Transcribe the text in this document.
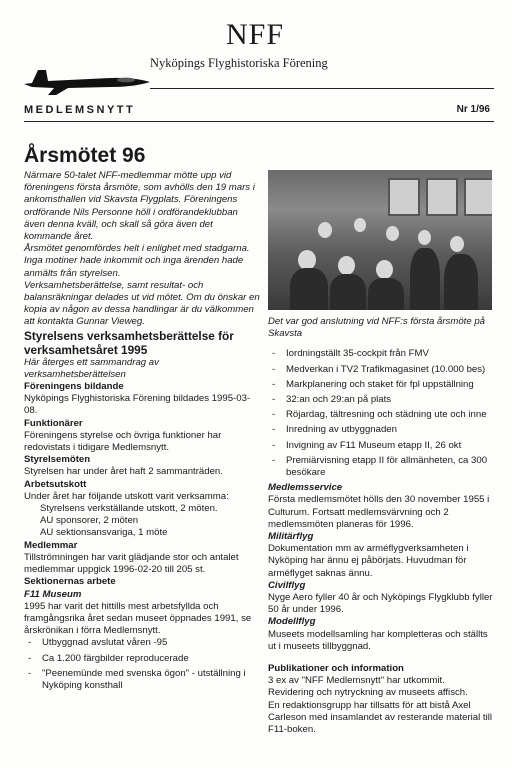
NFF
Nyköpings Flyghistoriska Förening
MEDLEMSNYTT	Nr 1/96
Årsmötet 96

Närmare 50-talet NFF-medlemmar mötte upp vid föreningens första årsmöte, som avhölls den 19 mars i ankomsthallen vid Skavsta Flygplats. Föreningens ordförande Nils Personne höll i ordförandeklubban även denna kväll, och skall så göra även det kommande året.

Årsmötet genomfördes helt i enlighet med stadgarna. Inga motiner hade inkommit och inga ärenden hade anmälts från styrelsen.

Verksamhetsberättelse, samt resultat- och balansräkningar delades ut vid mötet. Om du önskar en kopia av någon av dessa handlingar är du välkommen att kontakta Gunnar Vieweg.

Styrelsens verksamhetsberättelse för verksamhetsåret 1995

Här återges ett sammandrag av verksamhetsberättelsen

Föreningens bildande

Nyköpings Flyghistoriska Förening bildades 1995-03-08.

Funktionärer

Föreningens styrelse och övriga funktioner har redovistats i tidigare Medlemsnytt.

Styrelsemöten

Styrelsen har under året haft 2 sammanträden.

Arbetsutskott

Under året har följande utskott varit verksamma:

Styrelsens verkställande utskott, 2 möten.

AU sponsorer, 2 möten

AU sektionsansvariga, 1 möte

Medlemmar

Tillströmningen har varit glädjande stor och antalet medlemmar uppgick 1996-02-20 till 205 st.

Sektionernas arbete

F11 Museum

1995 har varit det hittills mest arbetsfyllda och framgångsrika året sedan museet öppnades 1991, se årskrönikan i förra Medlemsnytt.

- Utbyggnad avslutat våren -95
- Ca 1.200 färgbilder reproducerade
- "Peenemünde med svenska ögon" - utställning i Nyköping konsthall

Det var god anslutning vid NFF:s första årsmöte på Skavsta

- Iordningställt 35-cockpit från FMV
- Medverkan i TV2 Trafikmagasinet (10.000 bes)
- Markplanering och staket för fpl uppställning
- 32:an och 29:an på plats
- Röjardag, tältresning och städning ute och inne
- Inredning av utbyggnaden
- Invigning av F11 Museum etapp II, 26 okt
- Premiärvisning etapp II för allmänheten, ca 300 besökare

Medlemsservice

Första medlemsmötet hölls den 30 november 1955 i Culturum. Fortsatt medlemsvärvning och 2 medlemsmöten planeras för 1996.

Militärflyg

Dokumentation mm av arméflygverksamheten i Nyköping har ännu ej påbörjats. Huvudman för arméflyget saknas ännu.

Civilflyg

Nyge Aero fyller 40 år och Nyköpings Flygklubb fyller 50 år under 1996.

Modellflyg

Museets modellsamling har kompletteras och ställts ut i museets tillbyggnad.

Publikationer och information

3 ex av "NFF Medlemsnytt" har utkommit.

Revidering och nytryckning av museets affisch.

En redaktionsgrupp har tillsatts för att bistå Axel Carleson med insamlandet av resterande material till F11-boken.
